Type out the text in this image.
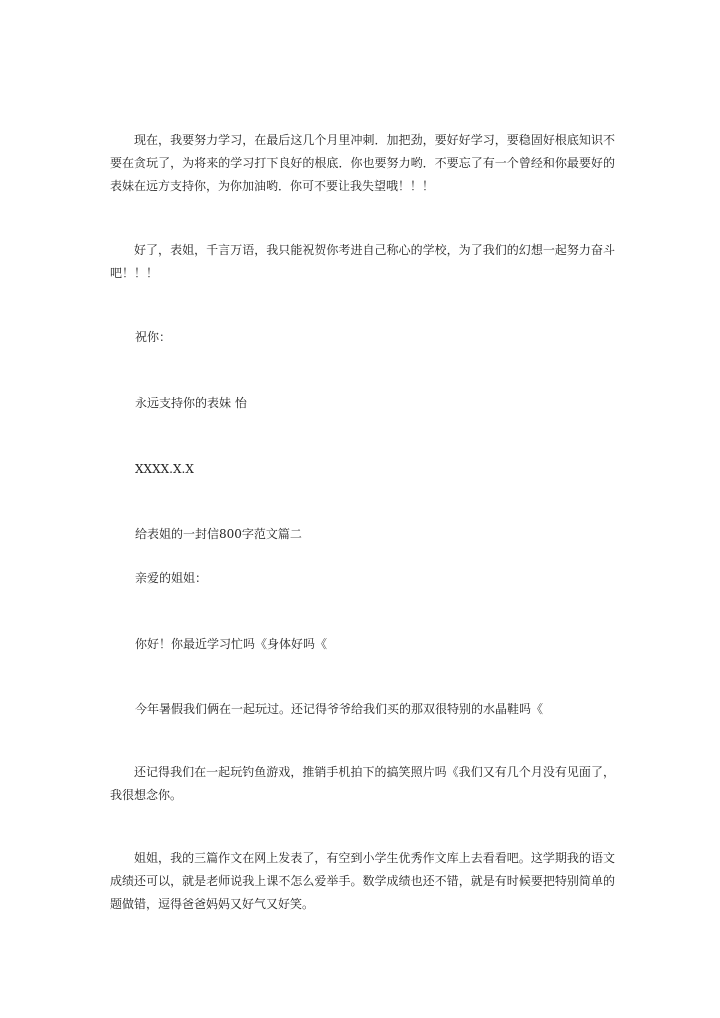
现在，我要努力学习，在最后这几个月里冲刺．加把劲，要好好学习，要稳固好根底知识不要在贪玩了，为将来的学习打下良好的根底．你也要努力哟．不要忘了有一个曾经和你最要好的表妹在远方支持你，为你加油哟．你可不要让我失望哦！！！

好了，表姐，千言万语，我只能祝贺你考进自己称心的学校，为了我们的幻想一起努力奋斗吧！！！

祝你：

永远支持你的表妹 怡

XXXX.X.X

给表姐的一封信800字范文篇二

亲爱的姐姐：

你好！你最近学习忙吗《身体好吗《

今年暑假我们俩在一起玩过。还记得爷爷给我们买的那双很特别的水晶鞋吗《

还记得我们在一起玩钓鱼游戏，推销手机拍下的搞笑照片吗《我们又有几个月没有见面了，我很想念你。

姐姐，我的三篇作文在网上发表了，有空到小学生优秀作文库上去看看吧。这学期我的语文成绩还可以，就是老师说我上课不怎么爱举手。数学成绩也还不错，就是有时候要把特别简单的题做错，逗得爸爸妈妈又好气又好笑。
